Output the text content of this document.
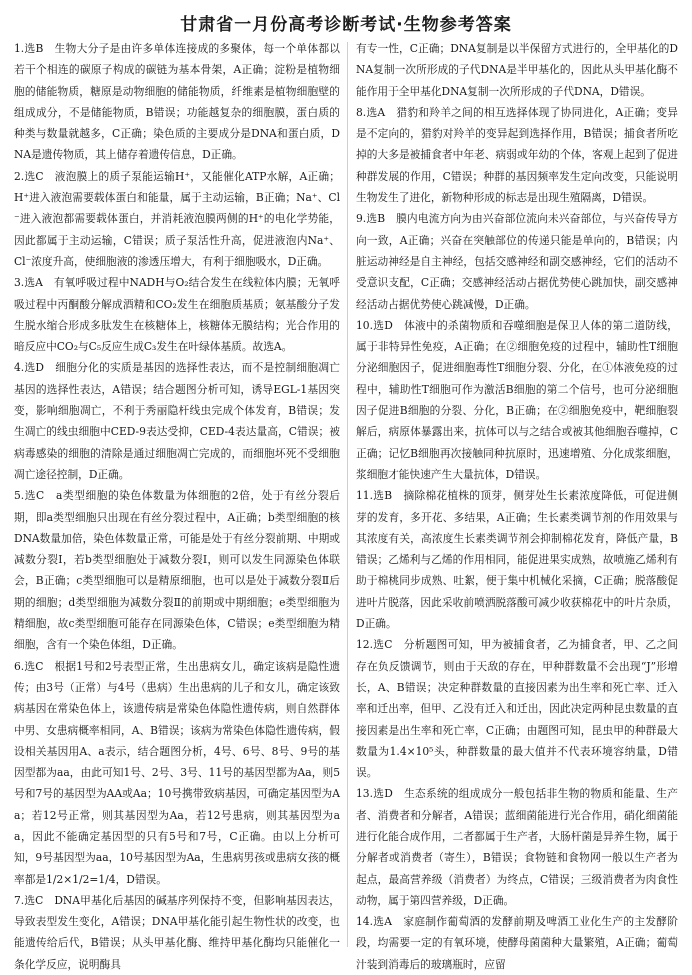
甘肃省一月份高考诊断考试·生物参考答案

1.选B　生物大分子是由许多单体连接成的多聚体，每一个单体都以若干个相连的碳原子构成的碳链为基本骨架，A正确；淀粉是植物细胞的储能物质，糖原是动物细胞的储能物质，纤维素是植物细胞壁的组成成分，不是储能物质，B错误；功能越复杂的细胞膜，蛋白质的种类与数量就越多，C正确；染色质的主要成分是DNA和蛋白质，DNA是遗传物质，其上储存着遗传信息，D正确。

2.选C　液泡膜上的质子泵能运输H⁺，又能催化ATP水解，A正确；H⁺进入液泡需要载体蛋白和能量，属于主动运输，B正确；Na⁺、Cl⁻进入液泡都需要载体蛋白，并消耗液泡膜两侧的H⁺的电化学势能，因此都属于主动运输，C错误；质子泵活性升高，促进液泡内Na⁺、Cl⁻浓度升高，使细胞液的渗透压增大，有利于细胞吸水，D正确。

3.选A　有氧呼吸过程中NADH与O₂结合发生在线粒体内膜；无氧呼吸过程中丙酮酸分解成酒精和CO₂发生在细胞质基质；氨基酸分子发生脱水缩合形成多肽发生在核糖体上，核糖体无膜结构；光合作用的暗反应中CO₂与C₅反应生成C₃发生在叶绿体基质。故选A。

4.选D　细胞分化的实质是基因的选择性表达，而不是控制细胞凋亡基因的选择性表达，A错误；结合题图分析可知，诱导EGL-1基因突变，影响细胞凋亡，不利于秀丽隐杆线虫完成个体发育，B错误；发生凋亡的线虫细胞中CED-9表达受抑，CED-4表达量高，C错误；被病毒感染的细胞的清除是通过细胞凋亡完成的，而细胞坏死不受细胞凋亡途径控制，D正确。

5.选C　a类型细胞的染色体数量为体细胞的2倍，处于有丝分裂后期，即a类型细胞只出现在有丝分裂过程中，A正确；b类型细胞的核DNA数量加倍，染色体数量正常，可能是处于有丝分裂前期、中期或减数分裂Ⅰ，若b类型细胞处于减数分裂Ⅰ，则可以发生同源染色体联会，B正确；c类型细胞可以是精原细胞，也可以是处于减数分裂Ⅱ后期的细胞；d类型细胞为减数分裂Ⅱ的前期或中期细胞；e类型细胞为精细胞，故c类型细胞可能存在同源染色体，C错误；e类型细胞为精细胞，含有一个染色体组，D正确。

6.选C　根据1号和2号表型正常，生出患病女儿，确定该病是隐性遗传；由3号（正常）与4号（患病）生出患病的儿子和女儿，确定该致病基因在常染色体上，该遗传病是常染色体隐性遗传病，则自然群体中男、女患病概率相同，A、B错误；该病为常染色体隐性遗传病，假设相关基因用A、a表示，结合题图分析，4号、6号、8号、9号的基因型都为aa，由此可知1号、2号、3号、11号的基因型都为Aa，则5号和7号的基因型为AA或Aa；10号携带致病基因，可确定基因型为Aa；若12号正常，则其基因型为Aa，若12号患病，则其基因型为aa，因此不能确定基因型的只有5号和7号，C正确。由以上分析可知，9号基因型为aa，10号基因型为Aa，生患病男孩或患病女孩的概率都是1/2×1/2=1/4，D错误。

7.选C　DNA甲基化后基因的碱基序列保持不变，但影响基因表达，导致表型发生变化，A错误；DNA甲基化能引起生物性状的改变，也能遗传给后代，B错误；从头甲基化酶、维持甲基化酶均只能催化一条化学反应，说明酶具

有专一性，C正确；DNA复制是以半保留方式进行的，全甲基化的DNA复制一次所形成的子代DNA是半甲基化的，因此从头甲基化酶不能作用于全甲基化DNA复制一次所形成的子代DNA，D错误。

8.选A　猎豹和羚羊之间的相互选择体现了协同进化，A正确；变异是不定向的，猎豹对羚羊的变异起到选择作用，B错误；捕食者所吃掉的大多是被捕食者中年老、病弱或年幼的个体，客观上起到了促进种群发展的作用，C错误；种群的基因频率发生定向改变，只能说明生物发生了进化，新物种形成的标志是出现生殖隔离，D错误。

9.选B　膜内电流方向为由兴奋部位流向未兴奋部位，与兴奋传导方向一致，A正确；兴奋在突触部位的传递只能是单向的，B错误；内脏运动神经是自主神经，包括交感神经和副交感神经，它们的活动不受意识支配，C正确；交感神经活动占据优势使心跳加快，副交感神经活动占据优势使心跳减慢，D正确。

10.选D　体液中的杀菌物质和吞噬细胞是保卫人体的第二道防线，属于非特异性免疫，A正确；在②细胞免疫的过程中，辅助性T细胞分泌细胞因子，促进细胞毒性T细胞分裂、分化，在①体液免疫的过程中，辅助性T细胞可作为激活B细胞的第二个信号，也可分泌细胞因子促进B细胞的分裂、分化，B正确；在②细胞免疫中，靶细胞裂解后，病原体暴露出来，抗体可以与之结合或被其他细胞吞噬掉，C正确；记忆B细胞再次接触同种抗原时，迅速增殖、分化成浆细胞，浆细胞才能快速产生大量抗体，D错误。

11.选B　摘除棉花植株的顶芽，侧芽处生长素浓度降低，可促进侧芽的发育，多开花、多结果，A正确；生长素类调节剂的作用效果与其浓度有关，高浓度生长素类调节剂会抑制棉花发育，降低产量，B错误；乙烯利与乙烯的作用相同，能促进果实成熟，故喷施乙烯利有助于棉桃同步成熟、吐絮，便于集中机械化采摘，C正确；脱落酸促进叶片脱落，因此采收前喷洒脱落酸可减少收获棉花中的叶片杂质，D正确。

12.选C　分析题图可知，甲为被捕食者，乙为捕食者，甲、乙之间存在负反馈调节，则由于天敌的存在，甲种群数量不会出现“J”形增长，A、B错误；决定种群数量的直接因素为出生率和死亡率、迁入率和迁出率，但甲、乙没有迁入和迁出，因此决定两种昆虫数量的直接因素是出生率和死亡率，C正确；由题图可知，昆虫甲的种群最大数量为1.4×10⁵头，种群数量的最大值并不代表环境容纳量，D错误。

13.选D　生态系统的组成成分一般包括非生物的物质和能量、生产者、消费者和分解者，A错误；蓝细菌能进行光合作用，硝化细菌能进行化能合成作用，二者都属于生产者，大肠杆菌是异养生物，属于分解者或消费者（寄生），B错误；食物链和食物网一般以生产者为起点，最高营养级（消费者）为终点，C错误；三级消费者为肉食性动物，属于第四营养级，D正确。

14.选A　家庭制作葡萄酒的发酵前期及啤酒工业化生产的主发酵阶段，均需要一定的有氧环境，使酵母菌菌种大量繁殖，A正确；葡萄汁装到消毒后的玻璃瓶时，应留
